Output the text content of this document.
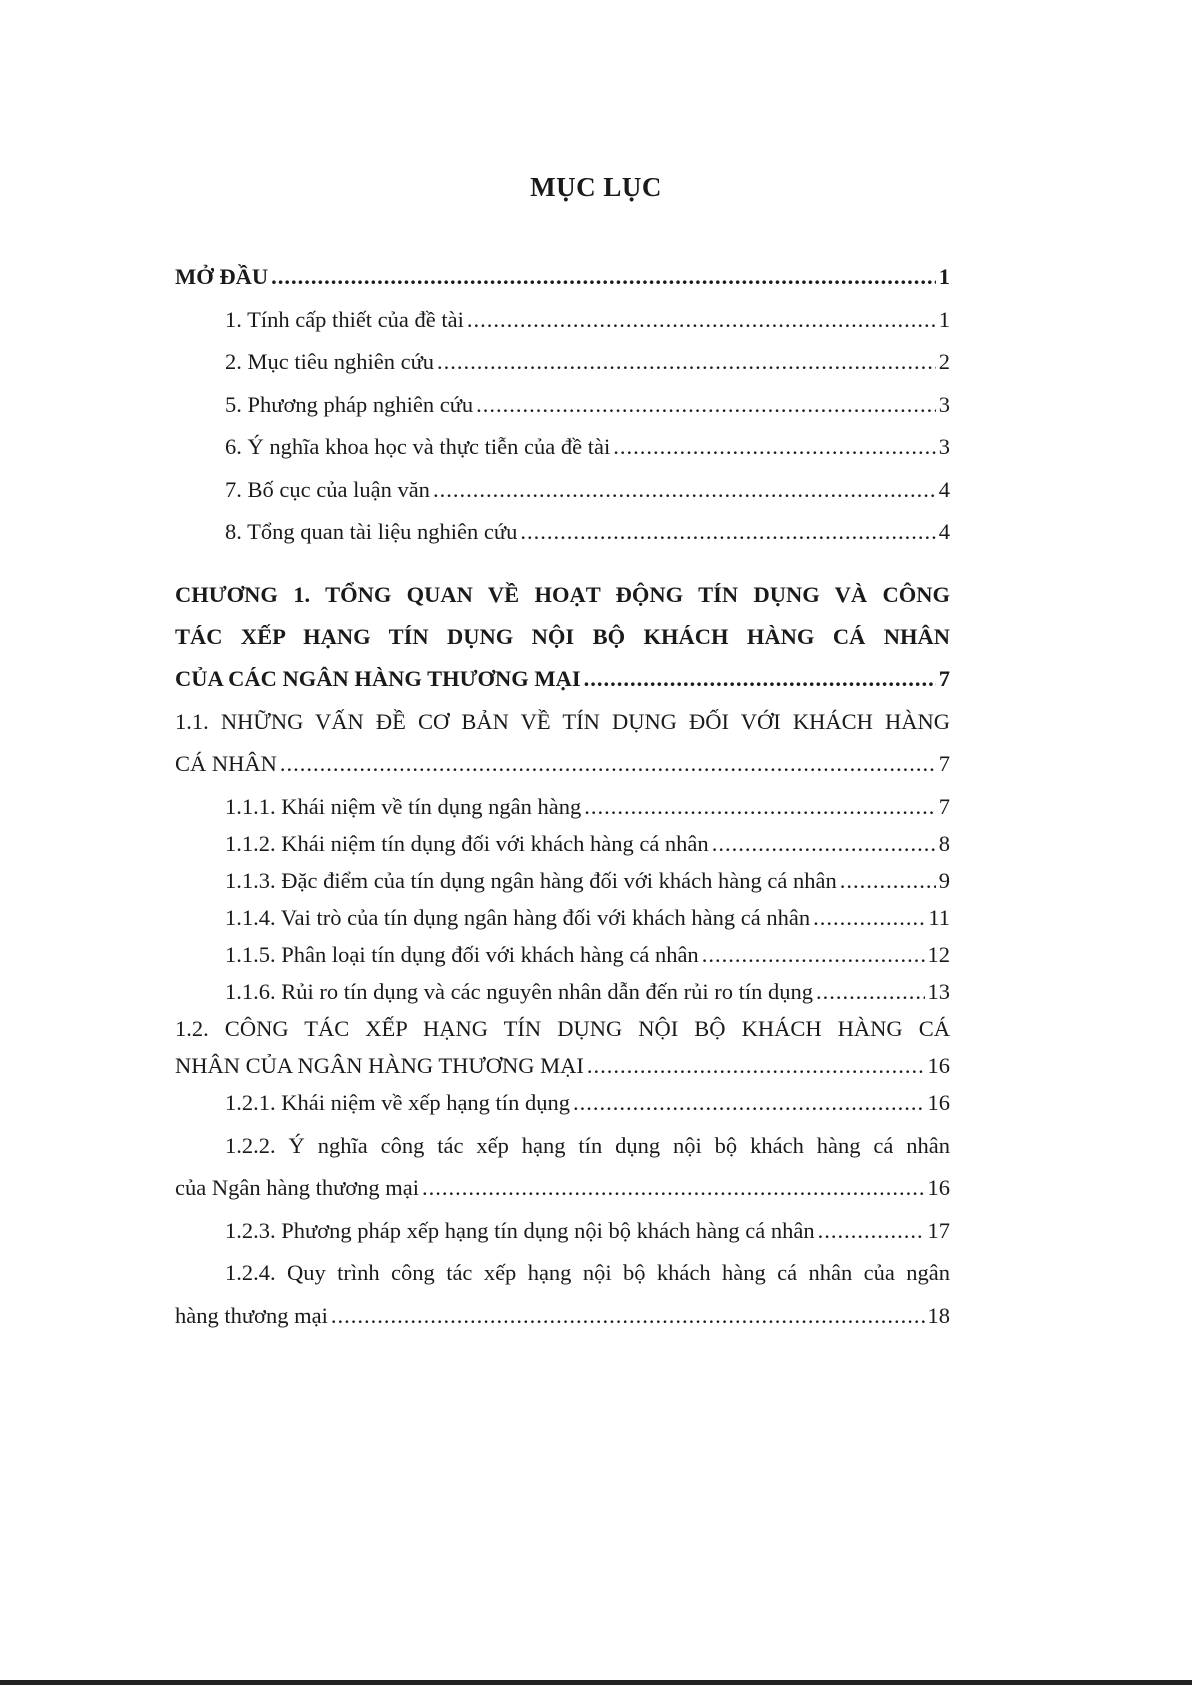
MỤC LỤC
MỞ ĐẦU .....	1
1. Tính cấp thiết của đề tài .....	1
2. Mục tiêu nghiên cứu .....	2
5. Phương pháp nghiên cứu .....	3
6. Ý nghĩa khoa học và thực tiễn của đề tài .....	3
7. Bố cục của luận văn .....	4
8. Tổng quan tài liệu nghiên cứu .....	4
CHƯƠNG 1. TỔNG QUAN VỀ HOẠT ĐỘNG TÍN DỤNG VÀ CÔNG
TÁC XẾP HẠNG TÍN DỤNG NỘI BỘ KHÁCH HÀNG CÁ NHÂN
CỦA CÁC NGÂN HÀNG THƯƠNG MẠI .....	7
1.1. NHỮNG VẤN ĐỀ CƠ BẢN VỀ TÍN DỤNG ĐỐI VỚI KHÁCH HÀNG
CÁ NHÂN .....	7
1.1.1. Khái niệm về tín dụng ngân hàng .....	7
1.1.2. Khái niệm tín dụng đối với khách hàng cá nhân .....	8
1.1.3. Đặc điểm của tín dụng ngân hàng đối với khách hàng cá nhân .....	9
1.1.4. Vai trò của tín dụng ngân hàng đối với khách hàng cá nhân .....	11
1.1.5. Phân loại tín dụng đối với khách hàng cá nhân .....	12
1.1.6. Rủi ro tín dụng và các nguyên nhân dẫn đến rủi ro tín dụng .....	13
1.2. CÔNG TÁC XẾP HẠNG TÍN DỤNG NỘI BỘ KHÁCH HÀNG CÁ
NHÂN CỦA NGÂN HÀNG THƯƠNG MẠI .....	16
1.2.1. Khái niệm về xếp hạng tín dụng .....	16
1.2.2. Ý nghĩa công tác xếp hạng tín dụng nội bộ khách hàng cá nhân
của Ngân hàng thương mại .....	16
1.2.3. Phương pháp xếp hạng tín dụng nội bộ khách hàng cá nhân .....	17
1.2.4. Quy trình công tác xếp hạng nội bộ khách hàng cá nhân của ngân
hàng thương mại .....	18
